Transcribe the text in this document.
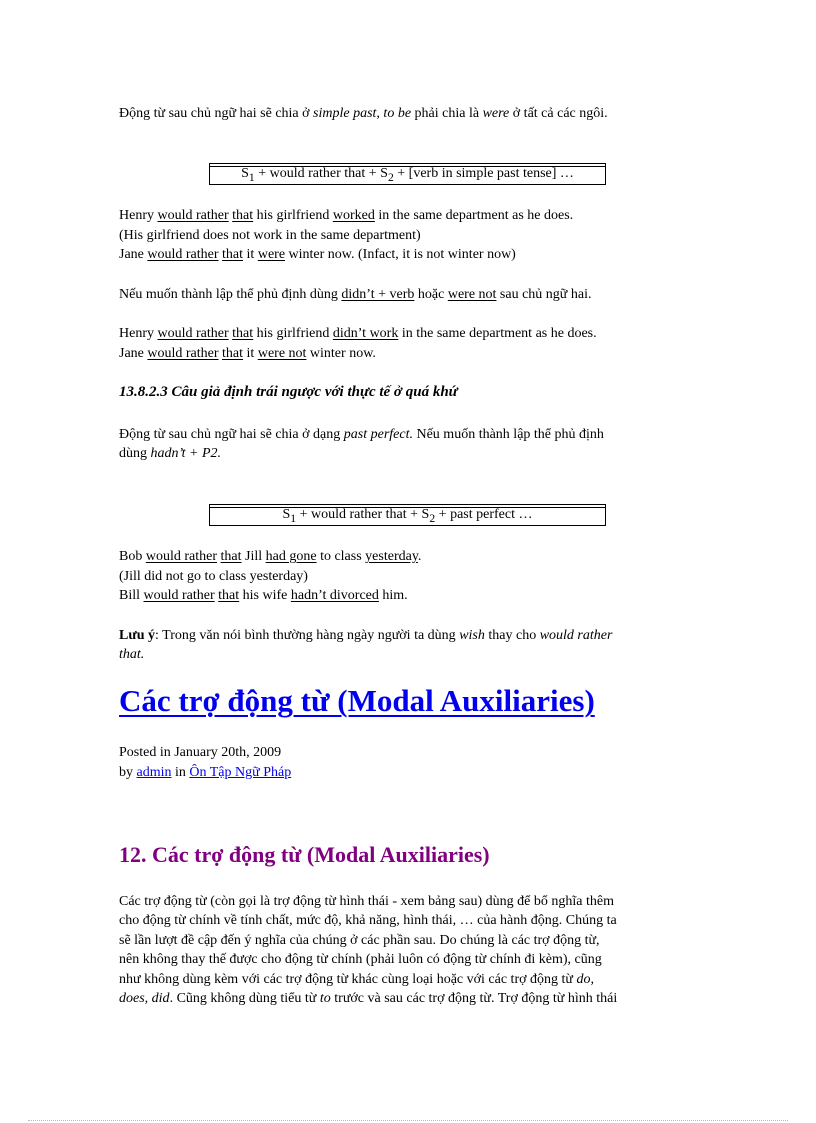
Động từ sau chủ ngữ hai sẽ chia ở simple past, to be phải chia là were ở tất cả các ngôi.
$S_1$ + would rather that + $S_2$ + [verb in simple past tense] …
Henry would rather that his girlfriend worked in the same department as he does.
(His girlfriend does not work in the same department)
Jane would rather that it were winter now. (Infact, it is not winter now)
Nếu muốn thành lập thể phủ định dùng didn’t + verb hoặc were not sau chủ ngữ hai.
Henry would rather that his girlfriend didn’t work in the same department as he does.
Jane would rather that it were not winter now.
13.8.2.3 Câu giả định trái ngược với thực tế ở quá khứ
Động từ sau chủ ngữ hai sẽ chia ở dạng past perfect. Nếu muốn thành lập thể phủ định
dùng hadn’t + P2.
$S_1$ + would rather that + $S_2$ + past perfect …
Bob would rather that Jill had gone to class yesterday.
(Jill did not go to class yesterday)
Bill would rather that his wife hadn’t divorced him.
Lưu ý: Trong văn nói bình thường hàng ngày người ta dùng wish thay cho would rather
that.
Các trợ động từ (Modal Auxiliaries)
Posted in January 20th, 2009
by admin in Ôn Tập Ngữ Pháp
12. Các trợ động từ (Modal Auxiliaries)
Các trợ động từ (còn gọi là trợ động từ hình thái - xem bảng sau) dùng để bổ nghĩa thêm
cho động từ chính về tính chất, mức độ, khả năng, hình thái, … của hành động. Chúng ta
sẽ lần lượt đề cập đến ý nghĩa của chúng ở các phần sau. Do chúng là các trợ động từ,
nên không thay thế được cho động từ chính (phải luôn có động từ chính đi kèm), cũng
như không dùng kèm với các trợ động từ khác cùng loại hoặc với các trợ động từ do,
does, did. Cũng không dùng tiểu từ to trước và sau các trợ động từ. Trợ động từ hình thái
